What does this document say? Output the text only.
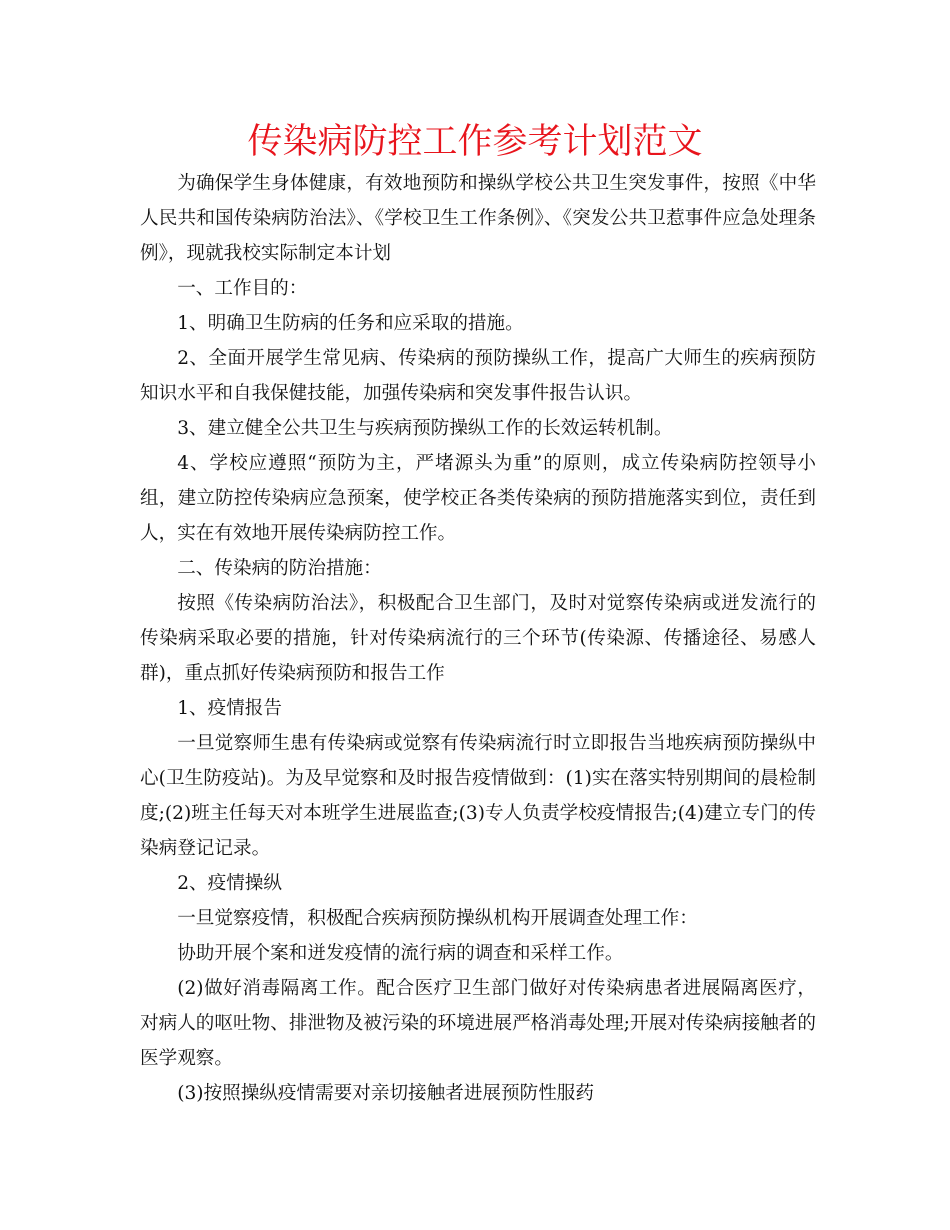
传染病防控工作参考计划范文

为确保学生身体健康，有效地预防和操纵学校公共卫生突发事件，按照《中华人民共和国传染病防治法》、《学校卫生工作条例》、《突发公共卫惹事件应急处理条例》，现就我校实际制定本计划

一、工作目的：

1、明确卫生防病的任务和应采取的措施。

2、全面开展学生常见病、传染病的预防操纵工作，提高广大师生的疾病预防知识水平和自我保健技能，加强传染病和突发事件报告认识。

3、建立健全公共卫生与疾病预防操纵工作的长效运转机制。

4、学校应遵照“预防为主，严堵源头为重”的原则，成立传染病防控领导小组，建立防控传染病应急预案，使学校正各类传染病的预防措施落实到位，责任到人，实在有效地开展传染病防控工作。

二、传染病的防治措施：

按照《传染病防治法》，积极配合卫生部门，及时对觉察传染病或迸发流行的传染病采取必要的措施，针对传染病流行的三个环节(传染源、传播途径、易感人群)，重点抓好传染病预防和报告工作

1、疫情报告

一旦觉察师生患有传染病或觉察有传染病流行时立即报告当地疾病预防操纵中心(卫生防疫站)。为及早觉察和及时报告疫情做到：(1)实在落实特别期间的晨检制度;(2)班主任每天对本班学生进展监查;(3)专人负责学校疫情报告;(4)建立专门的传染病登记记录。

2、疫情操纵

一旦觉察疫情，积极配合疾病预防操纵机构开展调查处理工作：

协助开展个案和迸发疫情的流行病的调查和采样工作。

(2)做好消毒隔离工作。配合医疗卫生部门做好对传染病患者进展隔离医疗，对病人的呕吐物、排泄物及被污染的环境进展严格消毒处理;开展对传染病接触者的医学观察。

(3)按照操纵疫情需要对亲切接触者进展预防性服药
